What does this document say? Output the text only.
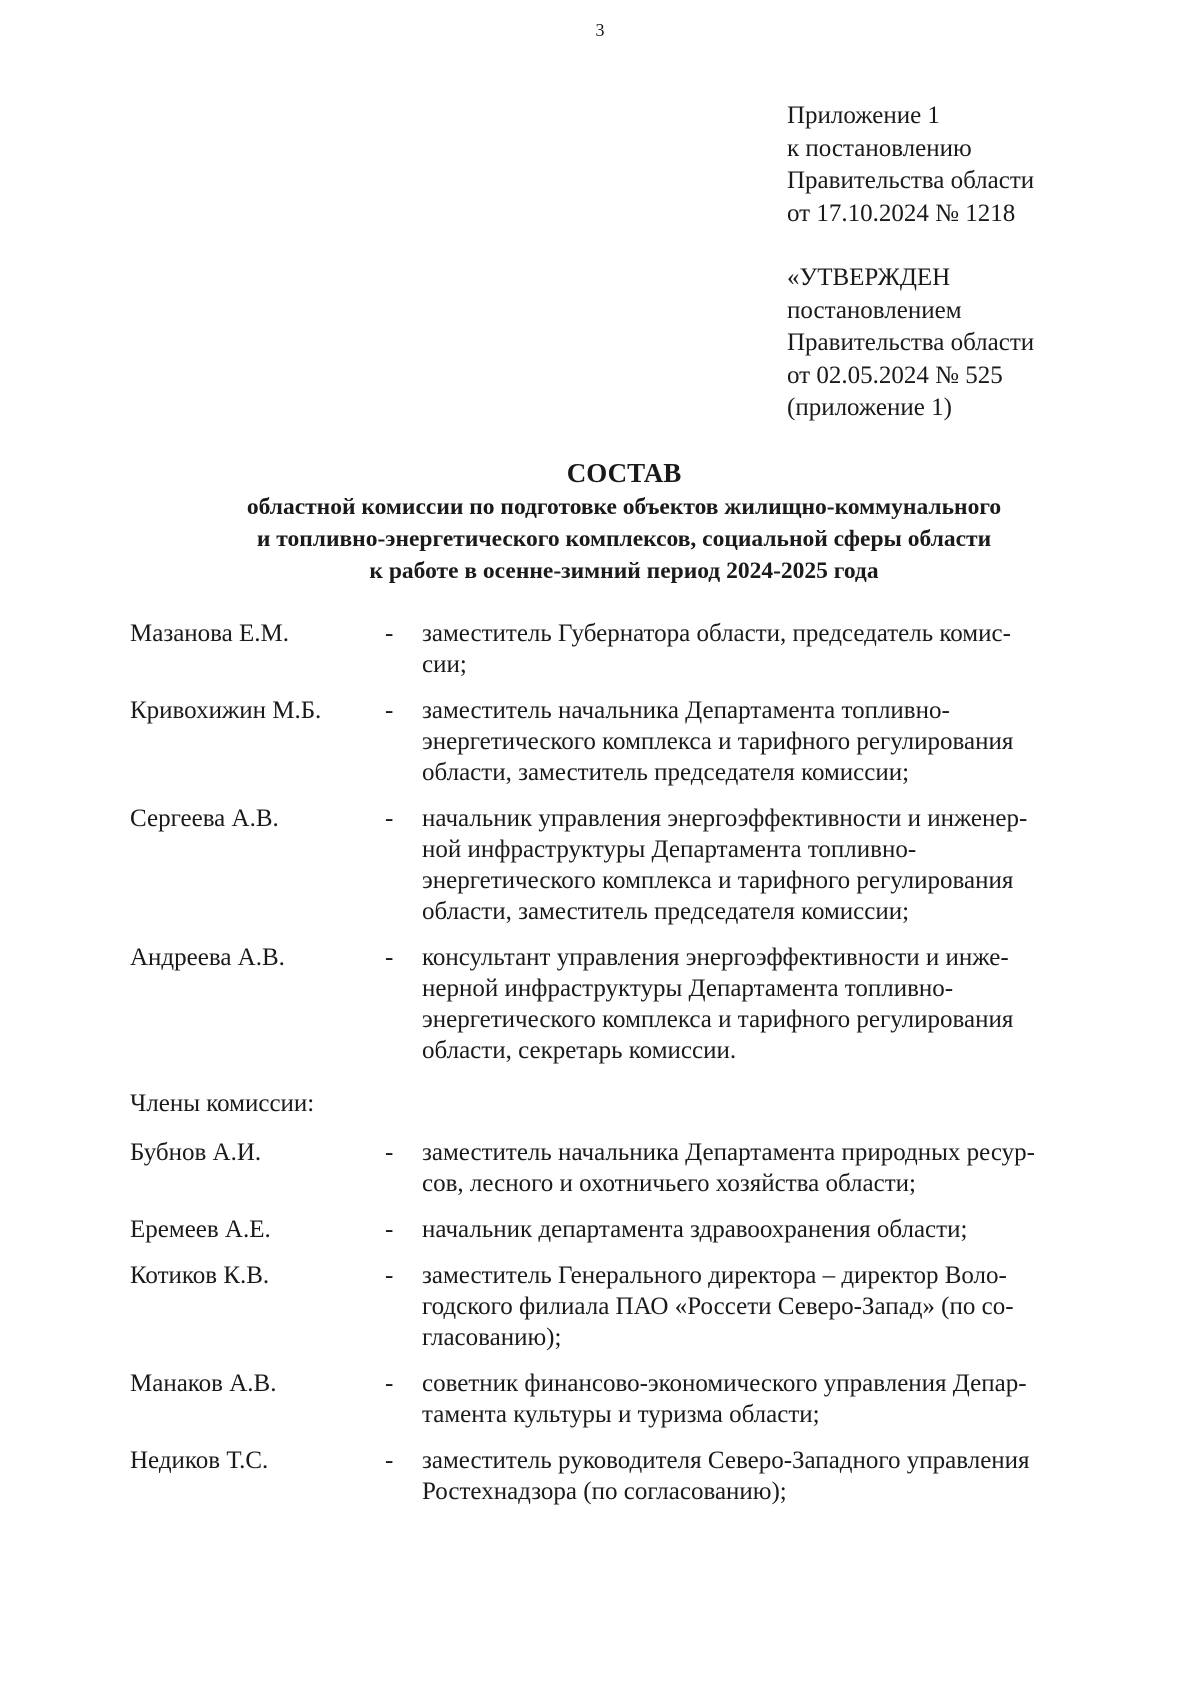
3
Приложение 1
к постановлению
Правительства области
от 17.10.2024 № 1218
«УТВЕРЖДЕН
постановлением
Правительства области
от 02.05.2024 № 525
(приложение 1)
СОСТАВ
областной комиссии по подготовке объектов жилищно-коммунального
и топливно-энергетического комплексов, социальной сферы области
к работе в осенне-зимний период 2024-2025 года
Мазанова Е.М.	-	заместитель Губернатора области, председатель комис-
сии;
Кривохижин М.Б.	-	заместитель начальника Департамента топливно-
энергетического комплекса и тарифного регулирования
области, заместитель председателя комиссии;
Сергеева А.В.	-	начальник управления энергоэффективности и инженер-
ной инфраструктуры Департамента топливно-
энергетического комплекса и тарифного регулирования
области, заместитель председателя комиссии;
Андреева А.В.	-	консультант управления энергоэффективности и инже-
нерной инфраструктуры Департамента топливно-
энергетического комплекса и тарифного регулирования
области, секретарь комиссии.
Члены комиссии:
Бубнов А.И.	-	заместитель начальника Департамента природных ресур-
сов, лесного и охотничьего хозяйства области;
Еремеев А.Е.	-	начальник департамента здравоохранения области;
Котиков К.В.	-	заместитель Генерального директора – директор Воло-
годского филиала ПАО «Россети Северо-Запад» (по со-
гласованию);
Манаков А.В.	-	советник финансово-экономического управления Депар-
тамента культуры и туризма области;
Недиков Т.С.	-	заместитель руководителя Северо-Западного управления
Ростехнадзора (по согласованию);
